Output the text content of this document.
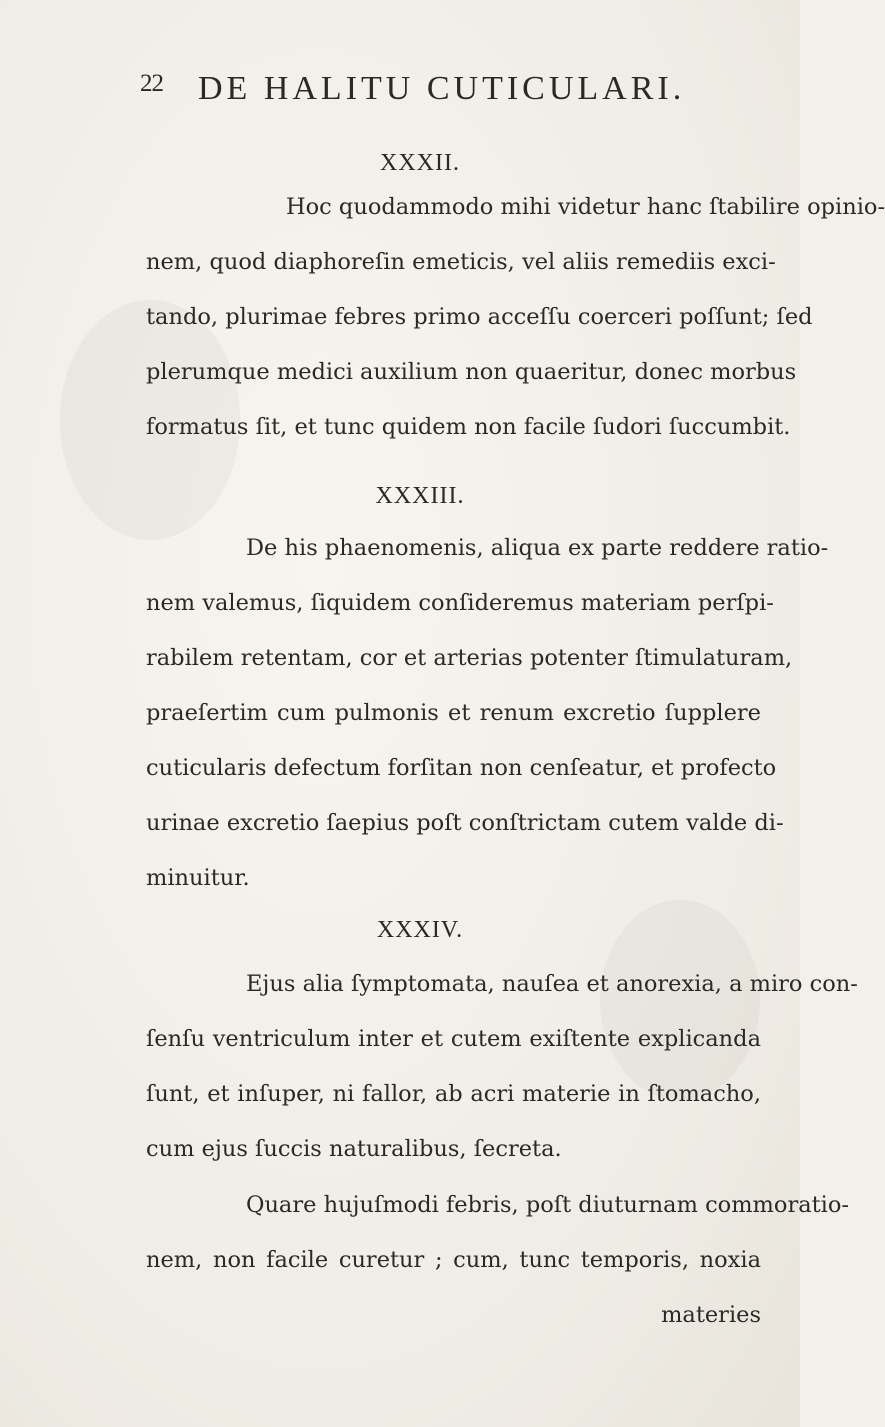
22 DE HALITU CUTICULARI.
XXXII.
Hoc quodammodo mihi videtur hanc ſtabilire opinio-
nem, quod diaphoreſin emeticis, vel aliis remediis exci-
tando, plurimae febres primo acceſſu coerceri poſſunt; ſed
plerumque medici auxilium non quaeritur, donec morbus
formatus ſit, et tunc quidem non facile ſudori ſuccumbit.
XXXIII.
De his phaenomenis, aliqua ex parte reddere ratio-
nem valemus, ſiquidem conſideremus materiam perſpi-
rabilem retentam, cor et arterias potenter ſtimulaturam,
praeſertim cum pulmonis et renum excretio ſupplere
cuticularis defectum forſitan non cenſeatur, et profecto
urinae excretio ſaepius poſt conſtrictam cutem valde di-
minuitur.
XXXIV.
Ejus alia ſymptomata, nauſea et anorexia, a miro con-
ſenſu ventriculum inter et cutem exiſtente explicanda
ſunt, et inſuper, ni fallor, ab acri materie in ſtomacho,
cum ejus ſuccis naturalibus, ſecreta.
Quare hujuſmodi febris, poſt diuturnam commoratio-
nem, non facile curetur ; cum, tunc temporis, noxia
materies
